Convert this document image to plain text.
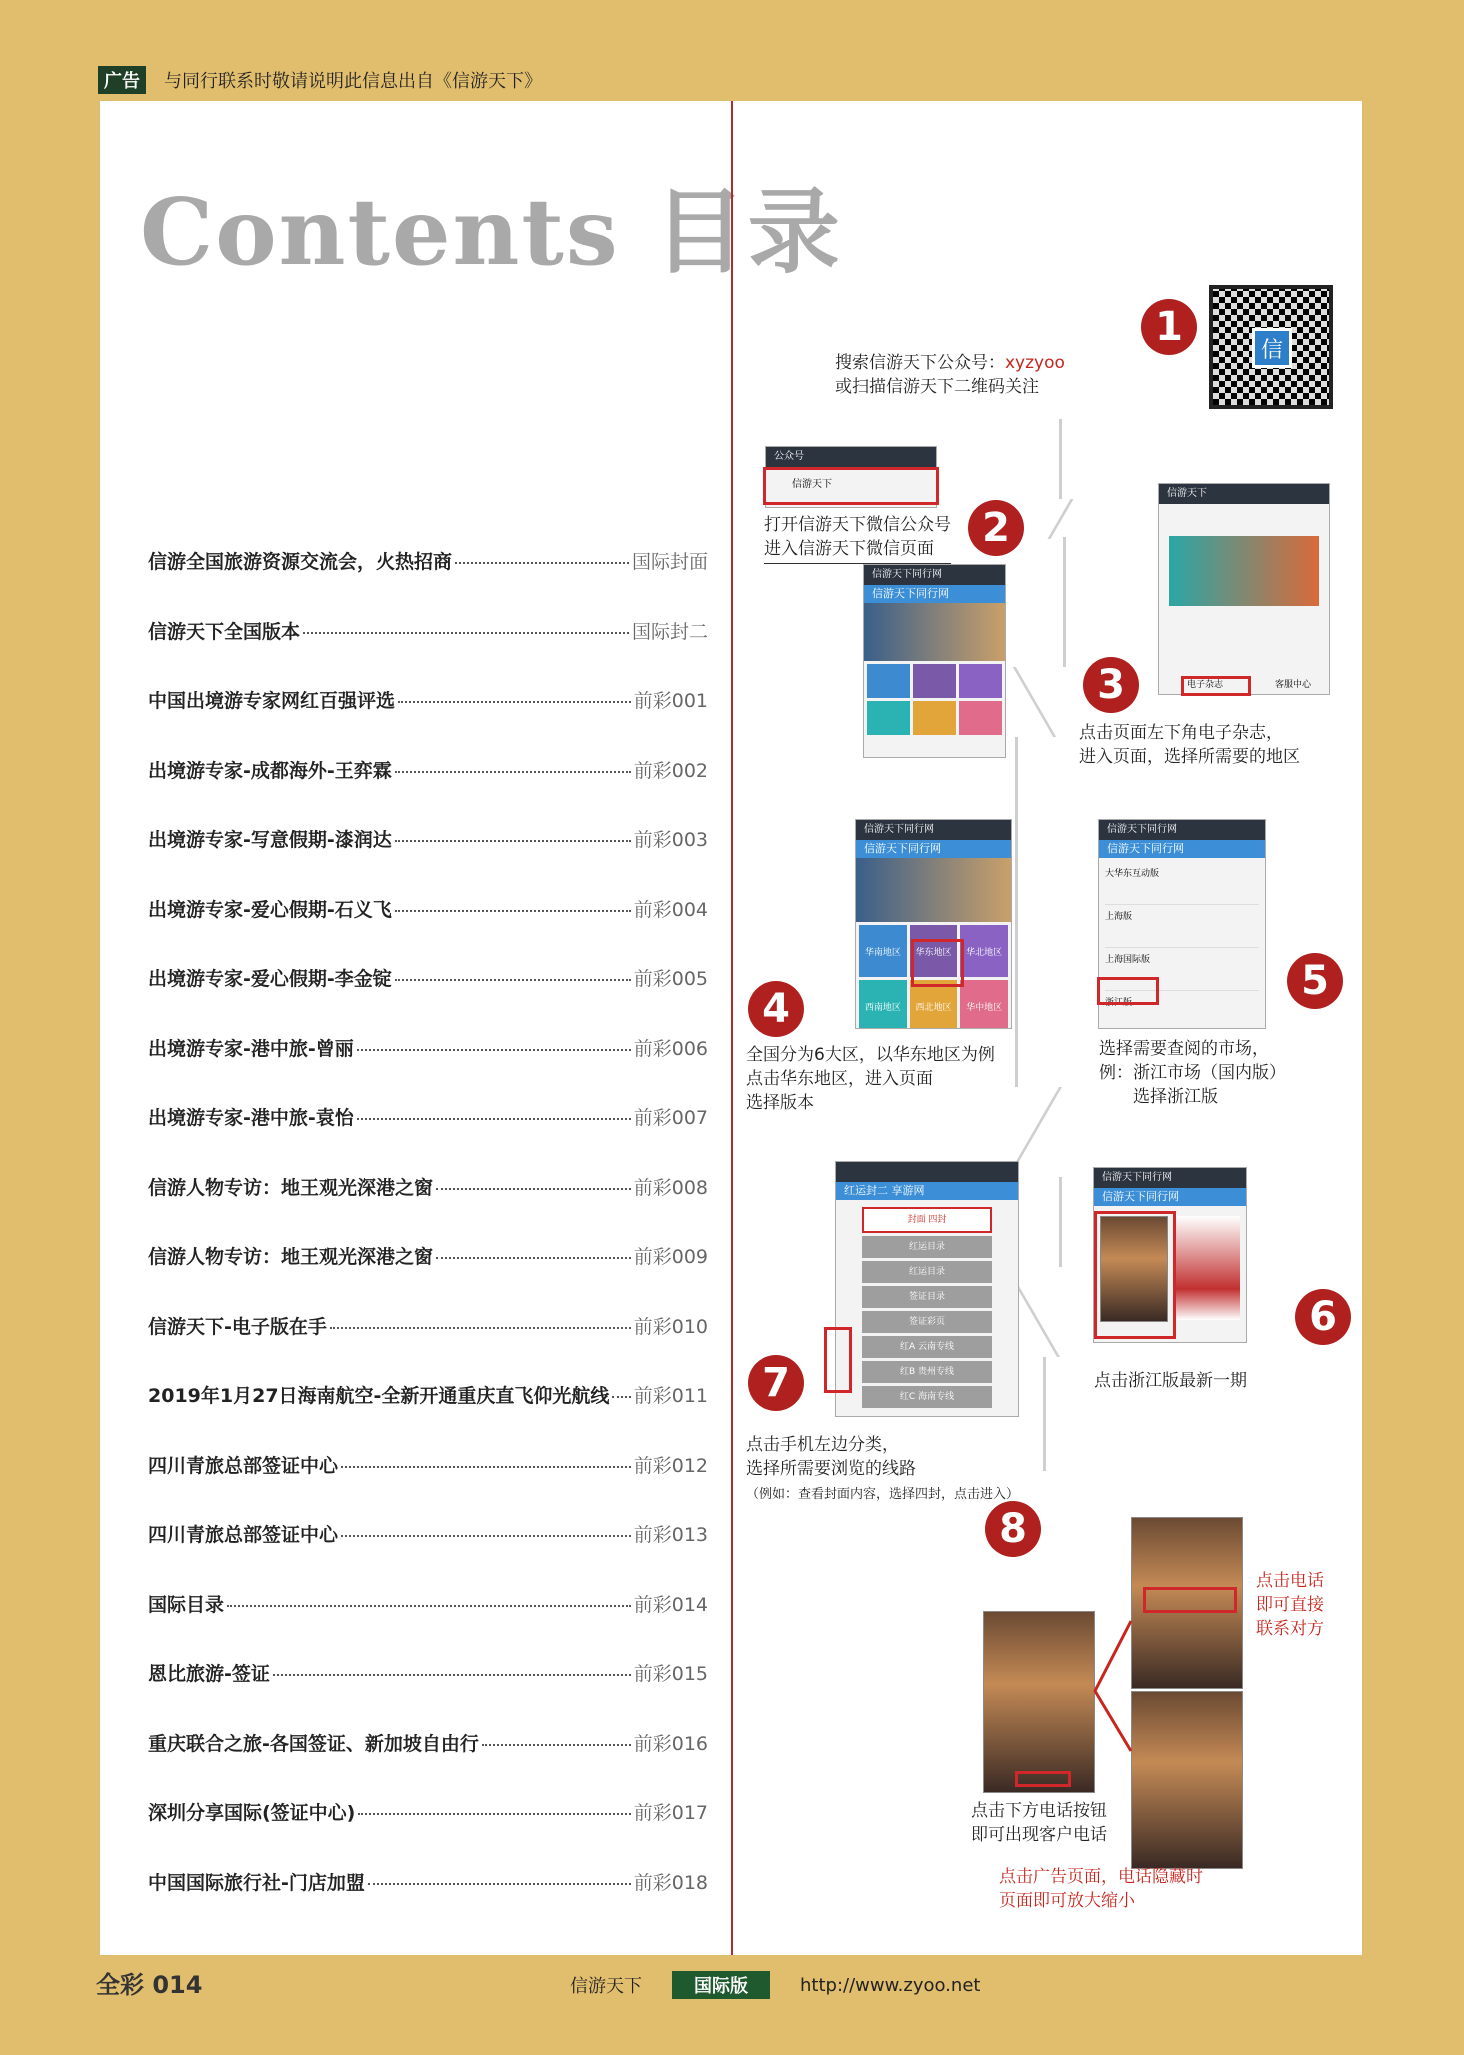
广告	与同行联系时敬请说明此信息出自《信游天下》
Contents 目录
信游全国旅游资源交流会，火热招商	国际封面
信游天下全国版本	国际封二
中国出境游专家网红百强评选	前彩001
出境游专家-成都海外-王弈霖	前彩002
出境游专家-写意假期-漆润达	前彩003
出境游专家-爱心假期-石义飞	前彩004
出境游专家-爱心假期-李金锭	前彩005
出境游专家-港中旅-曾丽	前彩006
出境游专家-港中旅-袁怡	前彩007
信游人物专访：地王观光深港之窗	前彩008
信游人物专访：地王观光深港之窗	前彩009
信游天下-电子版在手	前彩010
2019年1月27日海南航空-全新开通重庆直飞仰光航线 前彩011
四川青旅总部签证中心	前彩012
四川青旅总部签证中心	前彩013
国际目录	前彩014
恩比旅游-签证	前彩015
重庆联合之旅-各国签证、新加坡自由行	前彩016
深圳分享国际(签证中心)	前彩017
中国国际旅行社-门店加盟	前彩018
1
搜索信游天下公众号：xyzyoo
或扫描信游天下二维码关注
信
公众号
信游天下
2
打开信游天下微信公众号
进入信游天下微信页面
信游天下同行网
信游天下同行网
信游天下
电子杂志	客服中心
3
点击页面左下角电子杂志，
进入页面，选择所需要的地区
信游天下同行网
信游天下同行网
华南地区	华东地区	华北地区
西南地区	西北地区	华中地区
4
全国分为6大区，以华东地区为例
点击华东地区，进入页面
选择版本
信游天下同行网
信游天下同行网
大华东互动版
上海版
上海国际版
浙江版	5
选择需要查阅的市场，
例：浙江市场（国内版）
选择浙江版

红运封二 享游网
封面 四封
红运目录
红运目录
签证目录
签证彩页
红A 云南专线
红B 贵州专线
红C 海南专线
7
点击手机左边分类，
选择所需要浏览的线路
（例如：查看封面内容，选择四封，点击进入）
信游天下同行网
信游天下同行网
6
点击浙江版最新一期
8
点击下方电话按钮
即可出现客户电话
点击电话
即可直接
联系对方
点击广告页面，电话隐藏时
页面即可放大缩小
全彩 014	信游天下	国际版	http://www.zyoo.net
